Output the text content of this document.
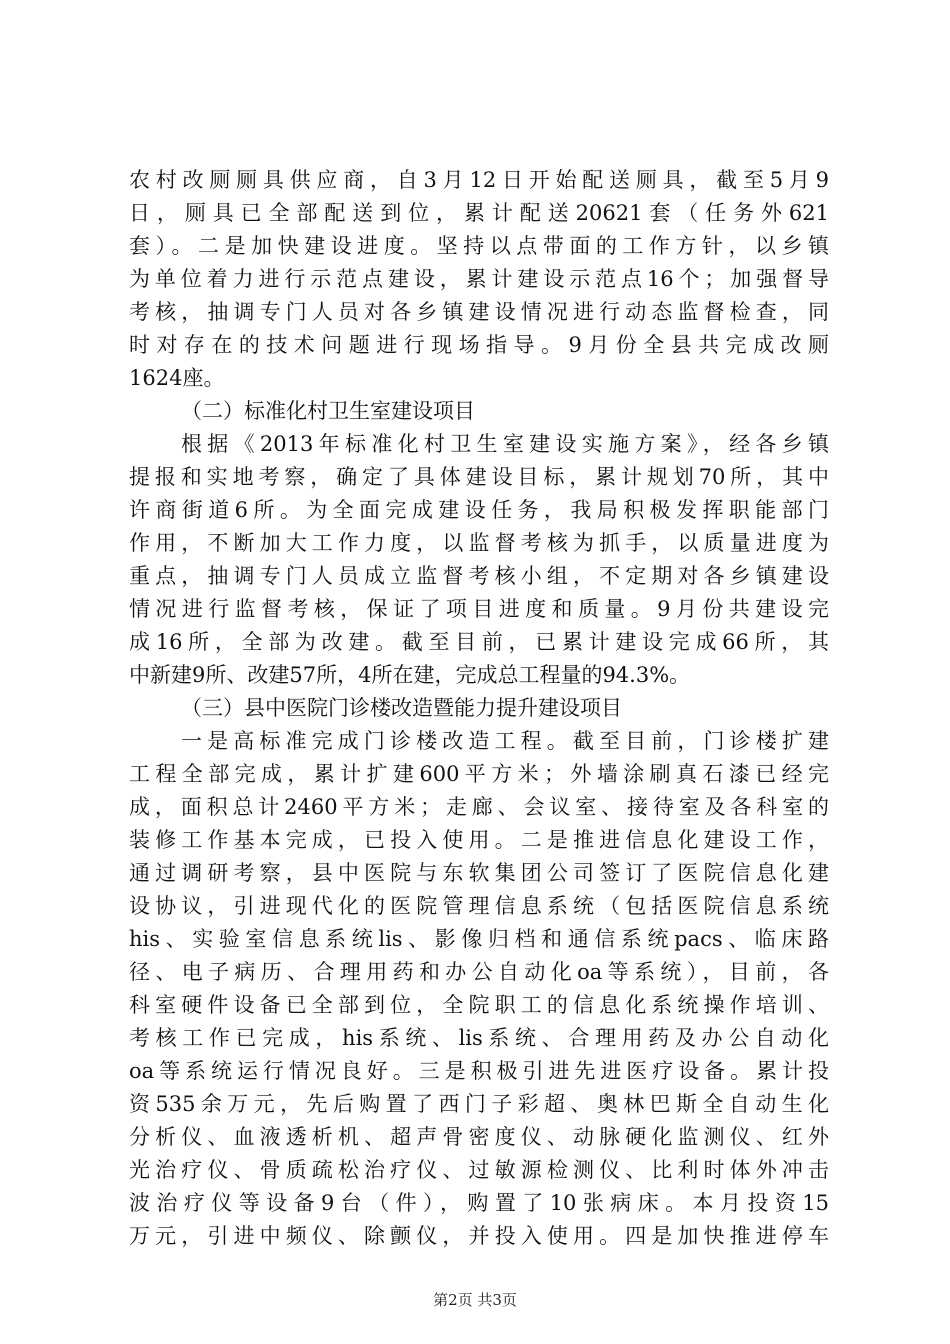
农村改厕厕具供应商，自3月12日开始配送厕具，截至5月9
日，厕具已全部配送到位，累计配送20621套（任务外621
套）。二是加快建设进度。坚持以点带面的工作方针，以乡镇
为单位着力进行示范点建设，累计建设示范点16个；加强督导
考核，抽调专门人员对各乡镇建设情况进行动态监督检查，同
时对存在的技术问题进行现场指导。9月份全县共完成改厕
1624座。
（二）标准化村卫生室建设项目
根据《2013年标准化村卫生室建设实施方案》，经各乡镇
提报和实地考察，确定了具体建设目标，累计规划70所，其中
许商街道6所。为全面完成建设任务，我局积极发挥职能部门
作用，不断加大工作力度，以监督考核为抓手，以质量进度为
重点，抽调专门人员成立监督考核小组，不定期对各乡镇建设
情况进行监督考核，保证了项目进度和质量。9月份共建设完
成16所，全部为改建。截至目前，已累计建设完成66所，其
中新建9所、改建57所，4所在建，完成总工程量的94.3%。
（三）县中医院门诊楼改造暨能力提升建设项目
一是高标准完成门诊楼改造工程。截至目前，门诊楼扩建
工程全部完成，累计扩建600平方米；外墙涂刷真石漆已经完
成，面积总计2460平方米；走廊、会议室、接待室及各科室的
装修工作基本完成，已投入使用。二是推进信息化建设工作，
通过调研考察，县中医院与东软集团公司签订了医院信息化建
设协议，引进现代化的医院管理信息系统（包括医院信息系统
his、实验室信息系统lis、影像归档和通信系统pacs、临床路
径、电子病历、合理用药和办公自动化oa等系统），目前，各
科室硬件设备已全部到位，全院职工的信息化系统操作培训、
考核工作已完成，his系统、lis系统、合理用药及办公自动化
oa等系统运行情况良好。三是积极引进先进医疗设备。累计投
资535余万元，先后购置了西门子彩超、奥林巴斯全自动生化
分析仪、血液透析机、超声骨密度仪、动脉硬化监测仪、红外
光治疗仪、骨质疏松治疗仪、过敏源检测仪、比利时体外冲击
波治疗仪等设备9台（件），购置了10张病床。本月投资15
万元，引进中频仪、除颤仪，并投入使用。四是加快推进停车
第2页 共3页
